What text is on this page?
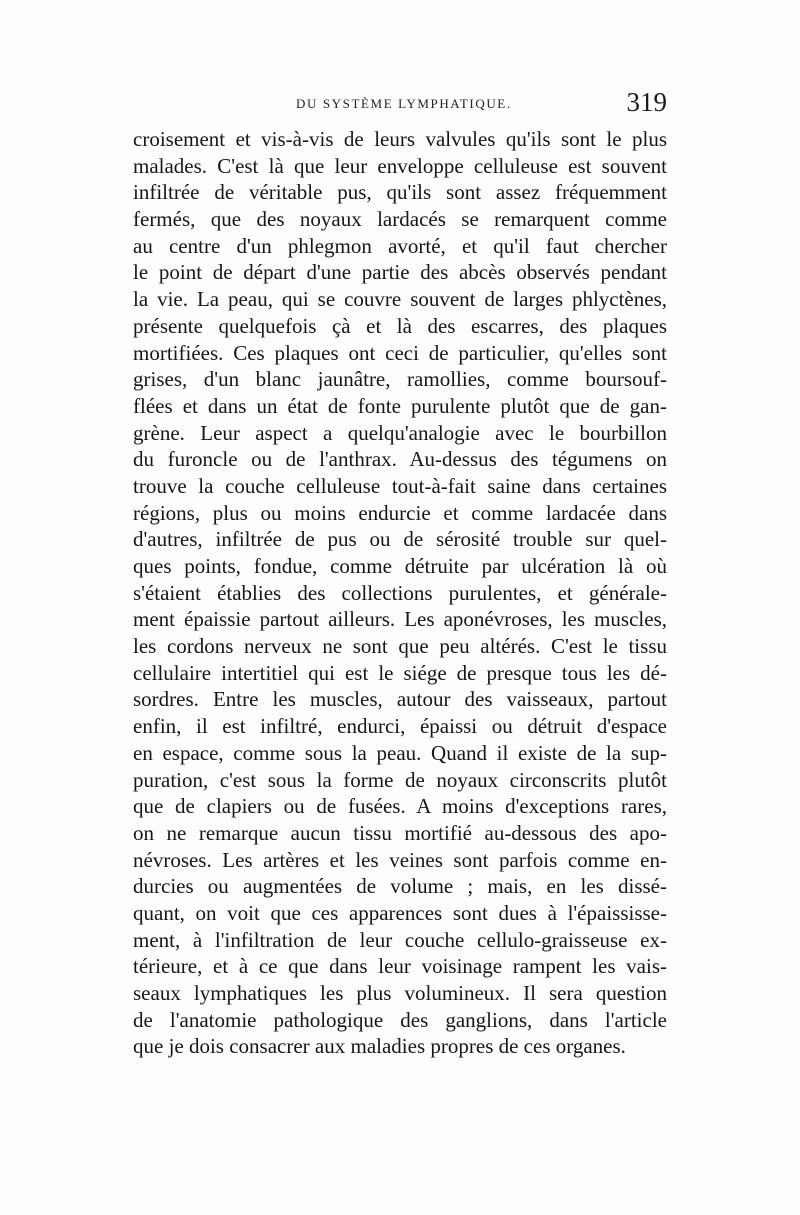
DU SYSTÈME LYMPHATIQUE.	319
croisement et vis-à-vis de leurs valvules qu'ils sont le plus
malades. C'est là que leur enveloppe celluleuse est souvent
infiltrée de véritable pus, qu'ils sont assez fréquemment
fermés, que des noyaux lardacés se remarquent comme
au centre d'un phlegmon avorté, et qu'il faut chercher
le point de départ d'une partie des abcès observés pendant
la vie. La peau, qui se couvre souvent de larges phlyctènes,
présente quelquefois çà et là des escarres, des plaques
mortifiées. Ces plaques ont ceci de particulier, qu'elles sont
grises, d'un blanc jaunâtre, ramollies, comme boursouf-
flées et dans un état de fonte purulente plutôt que de gan-
grène. Leur aspect a quelqu'analogie avec le bourbillon
du furoncle ou de l'anthrax. Au-dessus des tégumens on
trouve la couche celluleuse tout-à-fait saine dans certaines
régions, plus ou moins endurcie et comme lardacée dans
d'autres, infiltrée de pus ou de sérosité trouble sur quel-
ques points, fondue, comme détruite par ulcération là où
s'étaient établies des collections purulentes, et générale-
ment épaissie partout ailleurs. Les aponévroses, les muscles,
les cordons nerveux ne sont que peu altérés. C'est le tissu
cellulaire intertitiel qui est le siége de presque tous les dé-
sordres. Entre les muscles, autour des vaisseaux, partout
enfin, il est infiltré, endurci, épaissi ou détruit d'espace
en espace, comme sous la peau. Quand il existe de la sup-
puration, c'est sous la forme de noyaux circonscrits plutôt
que de clapiers ou de fusées. A moins d'exceptions rares,
on ne remarque aucun tissu mortifié au-dessous des apo-
névroses. Les artères et les veines sont parfois comme en-
durcies ou augmentées de volume ; mais, en les dissé-
quant, on voit que ces apparences sont dues à l'épaississe-
ment, à l'infiltration de leur couche cellulo-graisseuse ex-
térieure, et à ce que dans leur voisinage rampent les vais-
seaux lymphatiques les plus volumineux. Il sera question
de l'anatomie pathologique des ganglions, dans l'article
que je dois consacrer aux maladies propres de ces organes.
